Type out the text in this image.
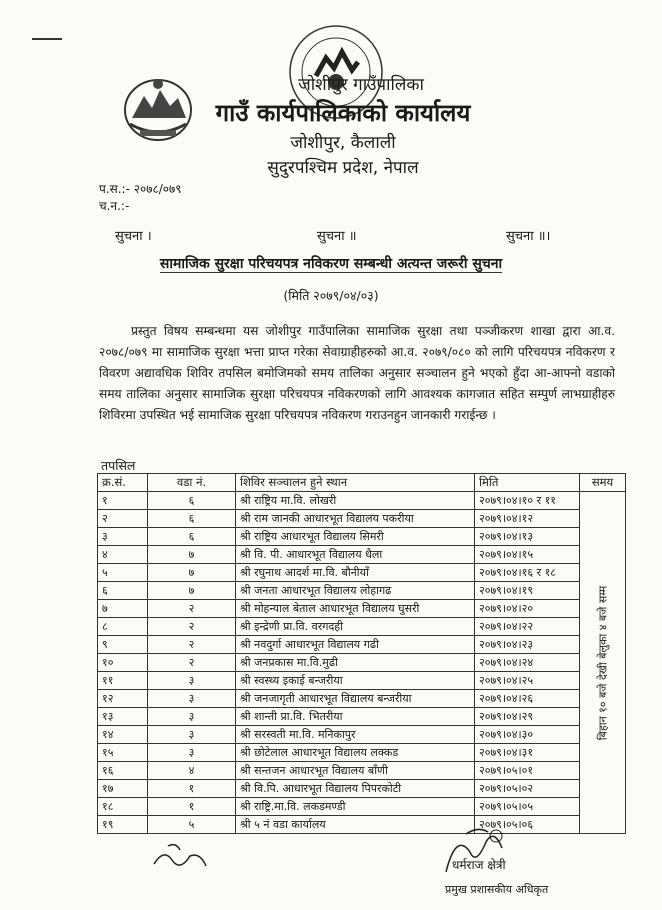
जोशीपुर गाउँपालिका
गाउँ कार्यपालिकाको कार्यालय
जोशीपुर, कैलाली
सुदुरपश्चिम प्रदेश, नेपाल
प.स.:- २०७८/०७९
च.न.:-
सुचना ।	सुचना ॥	सुचना ॥।
सामाजिक सुरक्षा परिचयपत्र नविकरण सम्बन्धी अत्यन्त जरूरी सुचना
(मिति २०७९/०४/०३)
प्रस्तुत विषय सम्बन्धमा यस जोशीपुर गाउँपालिका सामाजिक सुरक्षा तथा पञ्जीकरण शाखा द्वारा आ.व. २०७८/०७९ मा सामाजिक सुरक्षा भत्ता प्राप्त गरेका सेवाग्राहीहरुको आ.व. २०७९/०८० को लागि परिचयपत्र नविकरण र विवरण अद्यावधिक शिविर तपसिल बमोजिमको समय तालिका अनुसार सञ्चालन हुने भएको हुँदा आ-आफ्नो वडाको समय तालिका अनुसार सामाजिक सुरक्षा परिचयपत्र नविकरणको लागि आवश्यक कागजात सहित सम्पुर्ण लाभग्राहीहरु शिविरमा उपस्थित भई सामाजिक सुरक्षा परिचयपत्र नविकरण गराउनहुन जानकारी गराईन्छ ।
तपसिल
क्र.सं.	वडा नं.	शिविर सञ्चालन हुने स्थान	मिति	समय
१	६	श्री राष्ट्रिय मा.वि. लोखरी	२०७९।०४।१० र ११	बिहान १० बजे देखी बेलुका ४ बजे सम्म

२	६	श्री राम जानकी आधारभूत विद्यालय पकरीया	२०७९।०४।१२	
३	६	श्री राष्ट्रिय आधारभूत विद्यालय सिमरी	२०७९।०४।१३	
४	७	श्री वि. पी. आधारभूत विद्यालय धैला	२०७९।०४।१५	
५	७	श्री रघुनाथ आदर्श मा.वि. बौनीयाँ	२०७९।०४।१६ र १८	
६	७	श्री जनता आधारभूत विद्यालय लोहागढ	२०७९।०४।१९	
७	२	श्री मोहन्याल बेताल आधारभूत विद्यालय घुसरी	२०७९।०४।२०	
८	२	श्री इन्द्रेणी प्रा.वि. वरगदही	२०७९।०४।२२	
९	२	श्री नवदुर्गा आधारभूत विद्यालय गढी	२०७९।०४।२३	
१०	२	श्री जनप्रकास मा.वि.मुढी	२०७९।०४।२४	
११	३	श्री स्वस्थ्य इकाई बन्जरीया	२०७९।०४।२५	
१२	३	श्री जनजागृती आधारभूत विद्यालय बन्जरीया	२०७९।०४।२६	
१३	३	श्री शान्ती प्रा.वि. भितरीया	२०७९।०४।२९	
१४	३	श्री सरस्वती मा.वि. मनिकापुर	२०७९।०४।३०	
१५	३	श्री छोटेलाल आधारभूत विद्यालय लक्कड	२०७९।०४।३१	
१६	४	श्री सन्तजन आधारभूत विद्यालय बाँणी	२०७९।०५।०१	
१७	१	श्री वि.पि. आधारभूत विद्यालय पिपरकोटी	२०७९।०५।०२	
१८	१	श्री राष्ट्रि.मा.वि. लकडमण्डी	२०७९।०५।०५	
१९	५	श्री ५ नं वडा कार्यालय	२०७९।०५।०६	
धर्मराज क्षेत्री
प्रमुख प्रशासकीय अधिकृत
